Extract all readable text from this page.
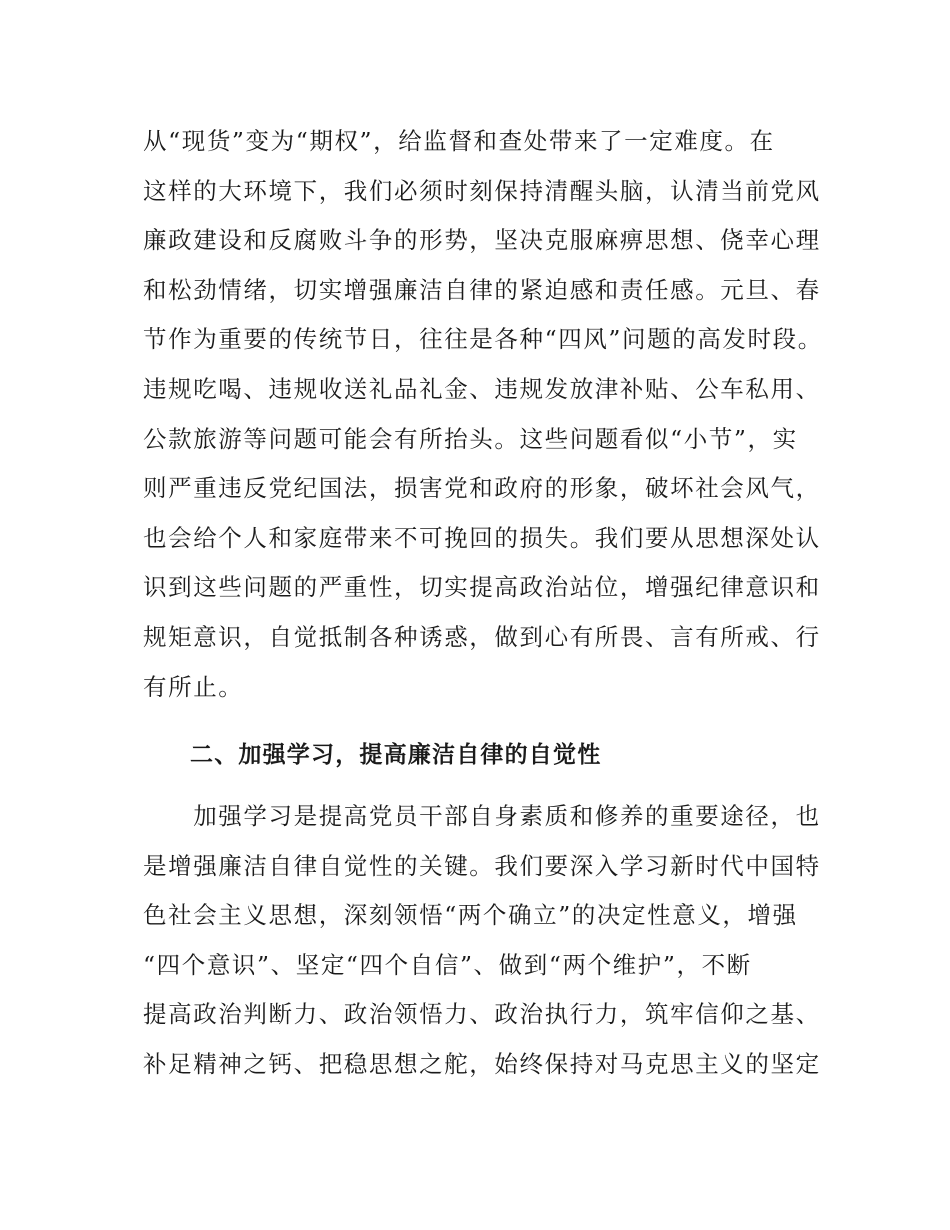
从“现货”变为“期权”，给监督和查处带来了一定难度。在
这样的大环境下，我们必须时刻保持清醒头脑，认清当前党风
廉政建设和反腐败斗争的形势，坚决克服麻痹思想、侥幸心理
和松劲情绪，切实增强廉洁自律的紧迫感和责任感。元旦、春
节作为重要的传统节日，往往是各种“四风”问题的高发时段。
违规吃喝、违规收送礼品礼金、违规发放津补贴、公车私用、
公款旅游等问题可能会有所抬头。这些问题看似“小节”，实
则严重违反党纪国法，损害党和政府的形象，破坏社会风气，
也会给个人和家庭带来不可挽回的损失。我们要从思想深处认
识到这些问题的严重性，切实提高政治站位，增强纪律意识和
规矩意识，自觉抵制各种诱惑，做到心有所畏、言有所戒、行
有所止。

二、加强学习，提高廉洁自律的自觉性

　　加强学习是提高党员干部自身素质和修养的重要途径，也
是增强廉洁自律自觉性的关键。我们要深入学习新时代中国特
色社会主义思想，深刻领悟“两个确立”的决定性意义，增强
“四个意识”、坚定“四个自信”、做到“两个维护”，不断
提高政治判断力、政治领悟力、政治执行力，筑牢信仰之基、
补足精神之钙、把稳思想之舵，始终保持对马克思主义的坚定
